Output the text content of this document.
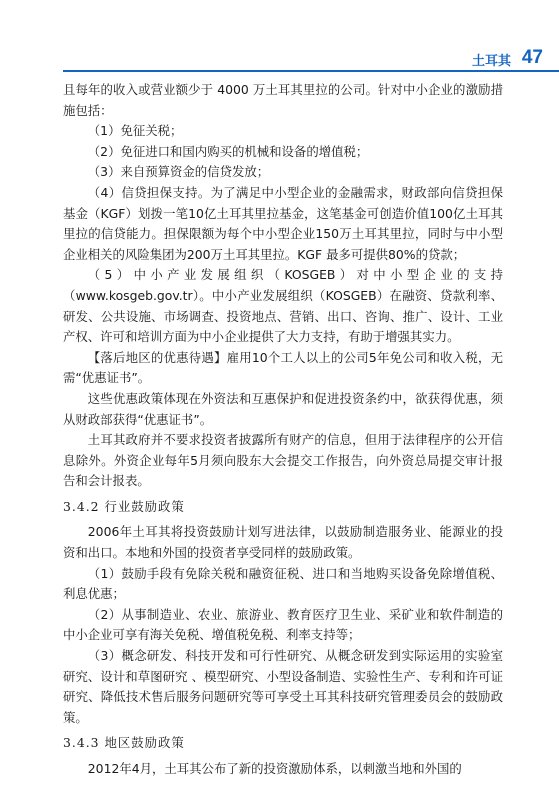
土耳其 47

且每年的收入或营业额少于 4000 万土耳其里拉的公司。针对中小企业的激励措施包括：

（1）免征关税；

（2）免征进口和国内购买的机械和设备的增值税；

（3）来自预算资金的信贷发放；

（4）信贷担保支持。为了满足中小型企业的金融需求，财政部向信贷担保基金（KGF）划拨一笔10亿土耳其里拉基金，这笔基金可创造价值100亿土耳其里拉的信贷能力。担保限额为每个中小型企业150万土耳其里拉，同时与中小型企业相关的风险集团为200万土耳其里拉。KGF 最多可提供80%的贷款；

（5）中小产业发展组织（KOSGEB）对中小型企业的支持（www.kosgeb.gov.tr）。中小产业发展组织（KOSGEB）在融资、贷款利率、研发、公共设施、市场调查、投资地点、营销、出口、咨询、推广、设计、工业产权、许可和培训方面为中小企业提供了大力支持，有助于增强其实力。

【落后地区的优惠待遇】雇用10个工人以上的公司5年免公司和收入税，无需“优惠证书”。

这些优惠政策体现在外资法和互惠保护和促进投资条约中，欲获得优惠，须从财政部获得“优惠证书”。

土耳其政府并不要求投资者披露所有财产的信息，但用于法律程序的公开信息除外。外资企业每年5月须向股东大会提交工作报告，向外资总局提交审计报告和会计报表。

3.4.2 行业鼓励政策

2006年土耳其将投资鼓励计划写进法律，以鼓励制造服务业、能源业的投资和出口。本地和外国的投资者享受同样的鼓励政策。

（1）鼓励手段有免除关税和融资征税、进口和当地购买设备免除增值税、利息优惠；

（2）从事制造业、农业、旅游业、教育医疗卫生业、采矿业和软件制造的中小企业可享有海关免税、增值税免税、利率支持等；

（3）概念研发、科技开发和可行性研究、从概念研发到实际运用的实验室研究、设计和草图研究 、模型研究、小型设备制造、实验性生产、专利和许可证研究、降低技术售后服务问题研究等可享受土耳其科技研究管理委员会的鼓励政策。

3.4.3 地区鼓励政策

2012年4月，土耳其公布了新的投资激励体系，以刺激当地和外国的
